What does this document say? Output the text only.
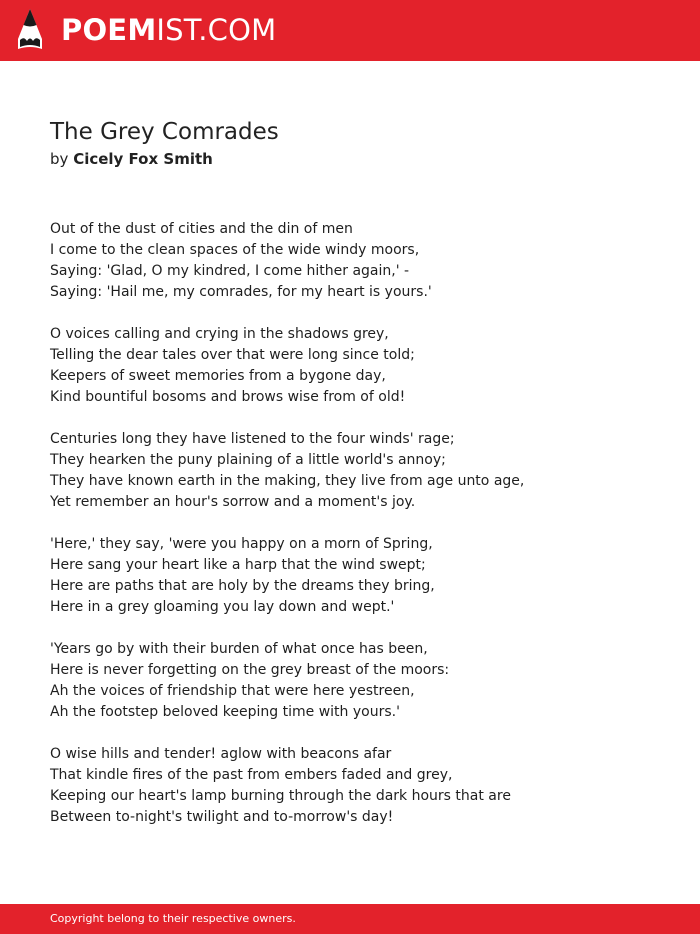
POEMIST.COM
The Grey Comrades
by Cicely Fox Smith
Out of the dust of cities and the din of men
I come to the clean spaces of the wide windy moors,
Saying: 'Glad, O my kindred, I come hither again,' -
Saying: 'Hail me, my comrades, for my heart is yours.'
O voices calling and crying in the shadows grey,
Telling the dear tales over that were long since told;
Keepers of sweet memories from a bygone day,
Kind bountiful bosoms and brows wise from of old!
Centuries long they have listened to the four winds' rage;
They hearken the puny plaining of a little world's annoy;
They have known earth in the making, they live from age unto age,
Yet remember an hour's sorrow and a moment's joy.
'Here,' they say, 'were you happy on a morn of Spring,
Here sang your heart like a harp that the wind swept;
Here are paths that are holy by the dreams they bring,
Here in a grey gloaming you lay down and wept.'
'Years go by with their burden of what once has been,
Here is never forgetting on the grey breast of the moors:
Ah the voices of friendship that were here yestreen,
Ah the footstep beloved keeping time with yours.'
O wise hills and tender! aglow with beacons afar
That kindle fires of the past from embers faded and grey,
Keeping our heart's lamp burning through the dark hours that are
Between to-night's twilight and to-morrow's day!
Copyright belong to their respective owners.
